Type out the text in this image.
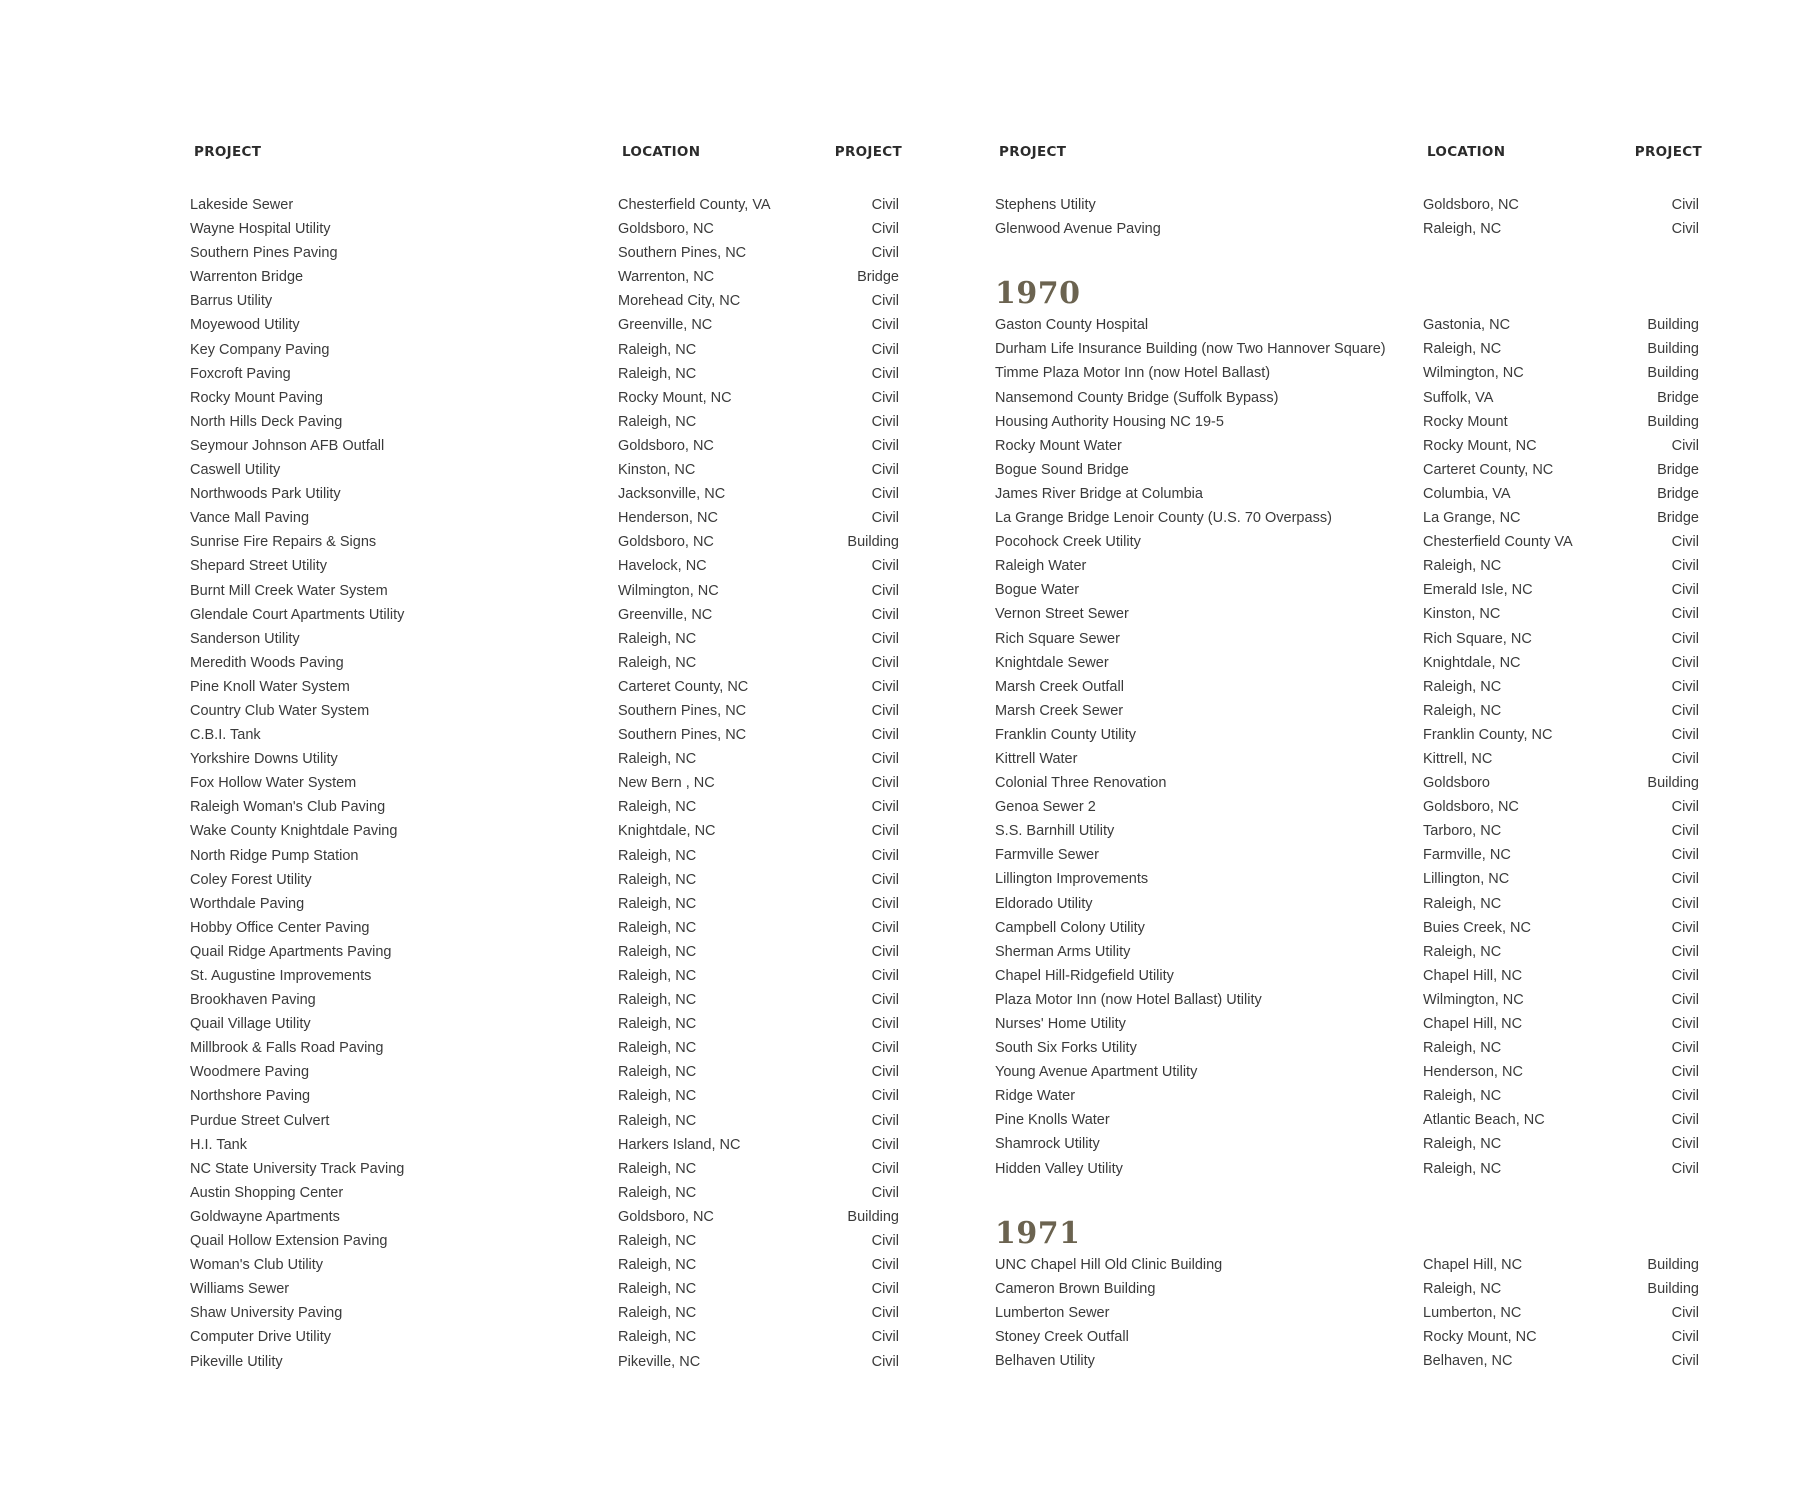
PROJECT	LOCATION	PROJECT
Lakeside Sewer	Chesterfield County, VA	Civil
Wayne Hospital Utility	Goldsboro, NC	Civil
Southern Pines Paving	Southern Pines, NC	Civil
Warrenton Bridge	Warrenton, NC	Bridge
Barrus Utility	Morehead City, NC	Civil
Moyewood Utility	Greenville, NC	Civil
Key Company Paving	Raleigh, NC	Civil
Foxcroft Paving	Raleigh, NC	Civil
Rocky Mount Paving	Rocky Mount, NC	Civil
North Hills Deck Paving	Raleigh, NC	Civil
Seymour Johnson AFB Outfall	Goldsboro, NC	Civil
Caswell Utility	Kinston, NC	Civil
Northwoods Park Utility	Jacksonville, NC	Civil
Vance Mall Paving	Henderson, NC	Civil
Sunrise Fire Repairs & Signs	Goldsboro, NC	Building
Shepard Street Utility	Havelock, NC	Civil
Burnt Mill Creek Water System	Wilmington, NC	Civil
Glendale Court Apartments Utility	Greenville, NC	Civil
Sanderson Utility	Raleigh, NC	Civil
Meredith Woods Paving	Raleigh, NC	Civil
Pine Knoll Water System	Carteret County, NC	Civil
Country Club Water System	Southern Pines, NC	Civil
C.B.I. Tank	Southern Pines, NC	Civil
Yorkshire Downs Utility	Raleigh, NC	Civil
Fox Hollow Water System	New Bern , NC	Civil
Raleigh Woman's Club Paving	Raleigh, NC	Civil
Wake County Knightdale Paving	Knightdale, NC	Civil
North Ridge Pump Station	Raleigh, NC	Civil
Coley Forest Utility	Raleigh, NC	Civil
Worthdale Paving	Raleigh, NC	Civil
Hobby Office Center Paving	Raleigh, NC	Civil
Quail Ridge Apartments Paving	Raleigh, NC	Civil
St. Augustine Improvements	Raleigh, NC	Civil
Brookhaven Paving	Raleigh, NC	Civil
Quail Village Utility	Raleigh, NC	Civil
Millbrook & Falls Road Paving	Raleigh, NC	Civil
Woodmere Paving	Raleigh, NC	Civil
Northshore Paving	Raleigh, NC	Civil
Purdue Street Culvert	Raleigh, NC	Civil
H.I. Tank	Harkers Island, NC	Civil
NC State University Track Paving	Raleigh, NC	Civil
Austin Shopping Center	Raleigh, NC	Civil
Goldwayne Apartments	Goldsboro, NC	Building
Quail Hollow Extension Paving	Raleigh, NC	Civil
Woman's Club Utility	Raleigh, NC	Civil
Williams Sewer	Raleigh, NC	Civil
Shaw University Paving	Raleigh, NC	Civil
Computer Drive Utility	Raleigh, NC	Civil
Pikeville Utility	Pikeville, NC	Civil
PROJECT	LOCATION	PROJECT
Stephens Utility	Goldsboro, NC	Civil
Glenwood Avenue Paving	Raleigh, NC	Civil
1970
Gaston County Hospital	Gastonia, NC	Building
Durham Life Insurance Building (now Two Hannover Square)	Raleigh, NC	Building
Timme Plaza Motor Inn (now Hotel Ballast)	Wilmington, NC	Building
Nansemond County Bridge (Suffolk Bypass)	Suffolk, VA	Bridge
Housing Authority Housing NC 19-5	Rocky Mount	Building
Rocky Mount Water	Rocky Mount, NC	Civil
Bogue Sound Bridge	Carteret County, NC	Bridge
James River Bridge at Columbia	Columbia, VA	Bridge
La Grange Bridge Lenoir County (U.S. 70 Overpass)	La Grange, NC	Bridge
Pocohock Creek Utility	Chesterfield County VA	Civil
Raleigh Water	Raleigh, NC	Civil
Bogue Water	Emerald Isle, NC	Civil
Vernon Street Sewer	Kinston, NC	Civil
Rich Square Sewer	Rich Square, NC	Civil
Knightdale Sewer	Knightdale, NC	Civil
Marsh Creek Outfall	Raleigh, NC	Civil
Marsh Creek Sewer	Raleigh, NC	Civil
Franklin County Utility	Franklin County, NC	Civil
Kittrell Water	Kittrell, NC	Civil
Colonial Three Renovation	Goldsboro	Building
Genoa Sewer 2	Goldsboro, NC	Civil
S.S. Barnhill Utility	Tarboro, NC	Civil
Farmville Sewer	Farmville, NC	Civil
Lillington Improvements	Lillington, NC	Civil
Eldorado Utility	Raleigh, NC	Civil
Campbell Colony Utility	Buies Creek, NC	Civil
Sherman Arms Utility	Raleigh, NC	Civil
Chapel Hill-Ridgefield Utility	Chapel Hill, NC	Civil
Plaza Motor Inn (now Hotel Ballast) Utility	Wilmington, NC	Civil
Nurses' Home Utility	Chapel Hill, NC	Civil
South Six Forks Utility	Raleigh, NC	Civil
Young Avenue Apartment Utility	Henderson, NC	Civil
Ridge Water	Raleigh, NC	Civil
Pine Knolls Water	Atlantic Beach, NC	Civil
Shamrock Utility	Raleigh, NC	Civil
Hidden Valley Utility	Raleigh, NC	Civil
1971
UNC Chapel Hill Old Clinic Building	Chapel Hill, NC	Building
Cameron Brown Building	Raleigh, NC	Building
Lumberton Sewer	Lumberton, NC	Civil
Stoney Creek Outfall	Rocky Mount, NC	Civil
Belhaven Utility	Belhaven, NC	Civil
